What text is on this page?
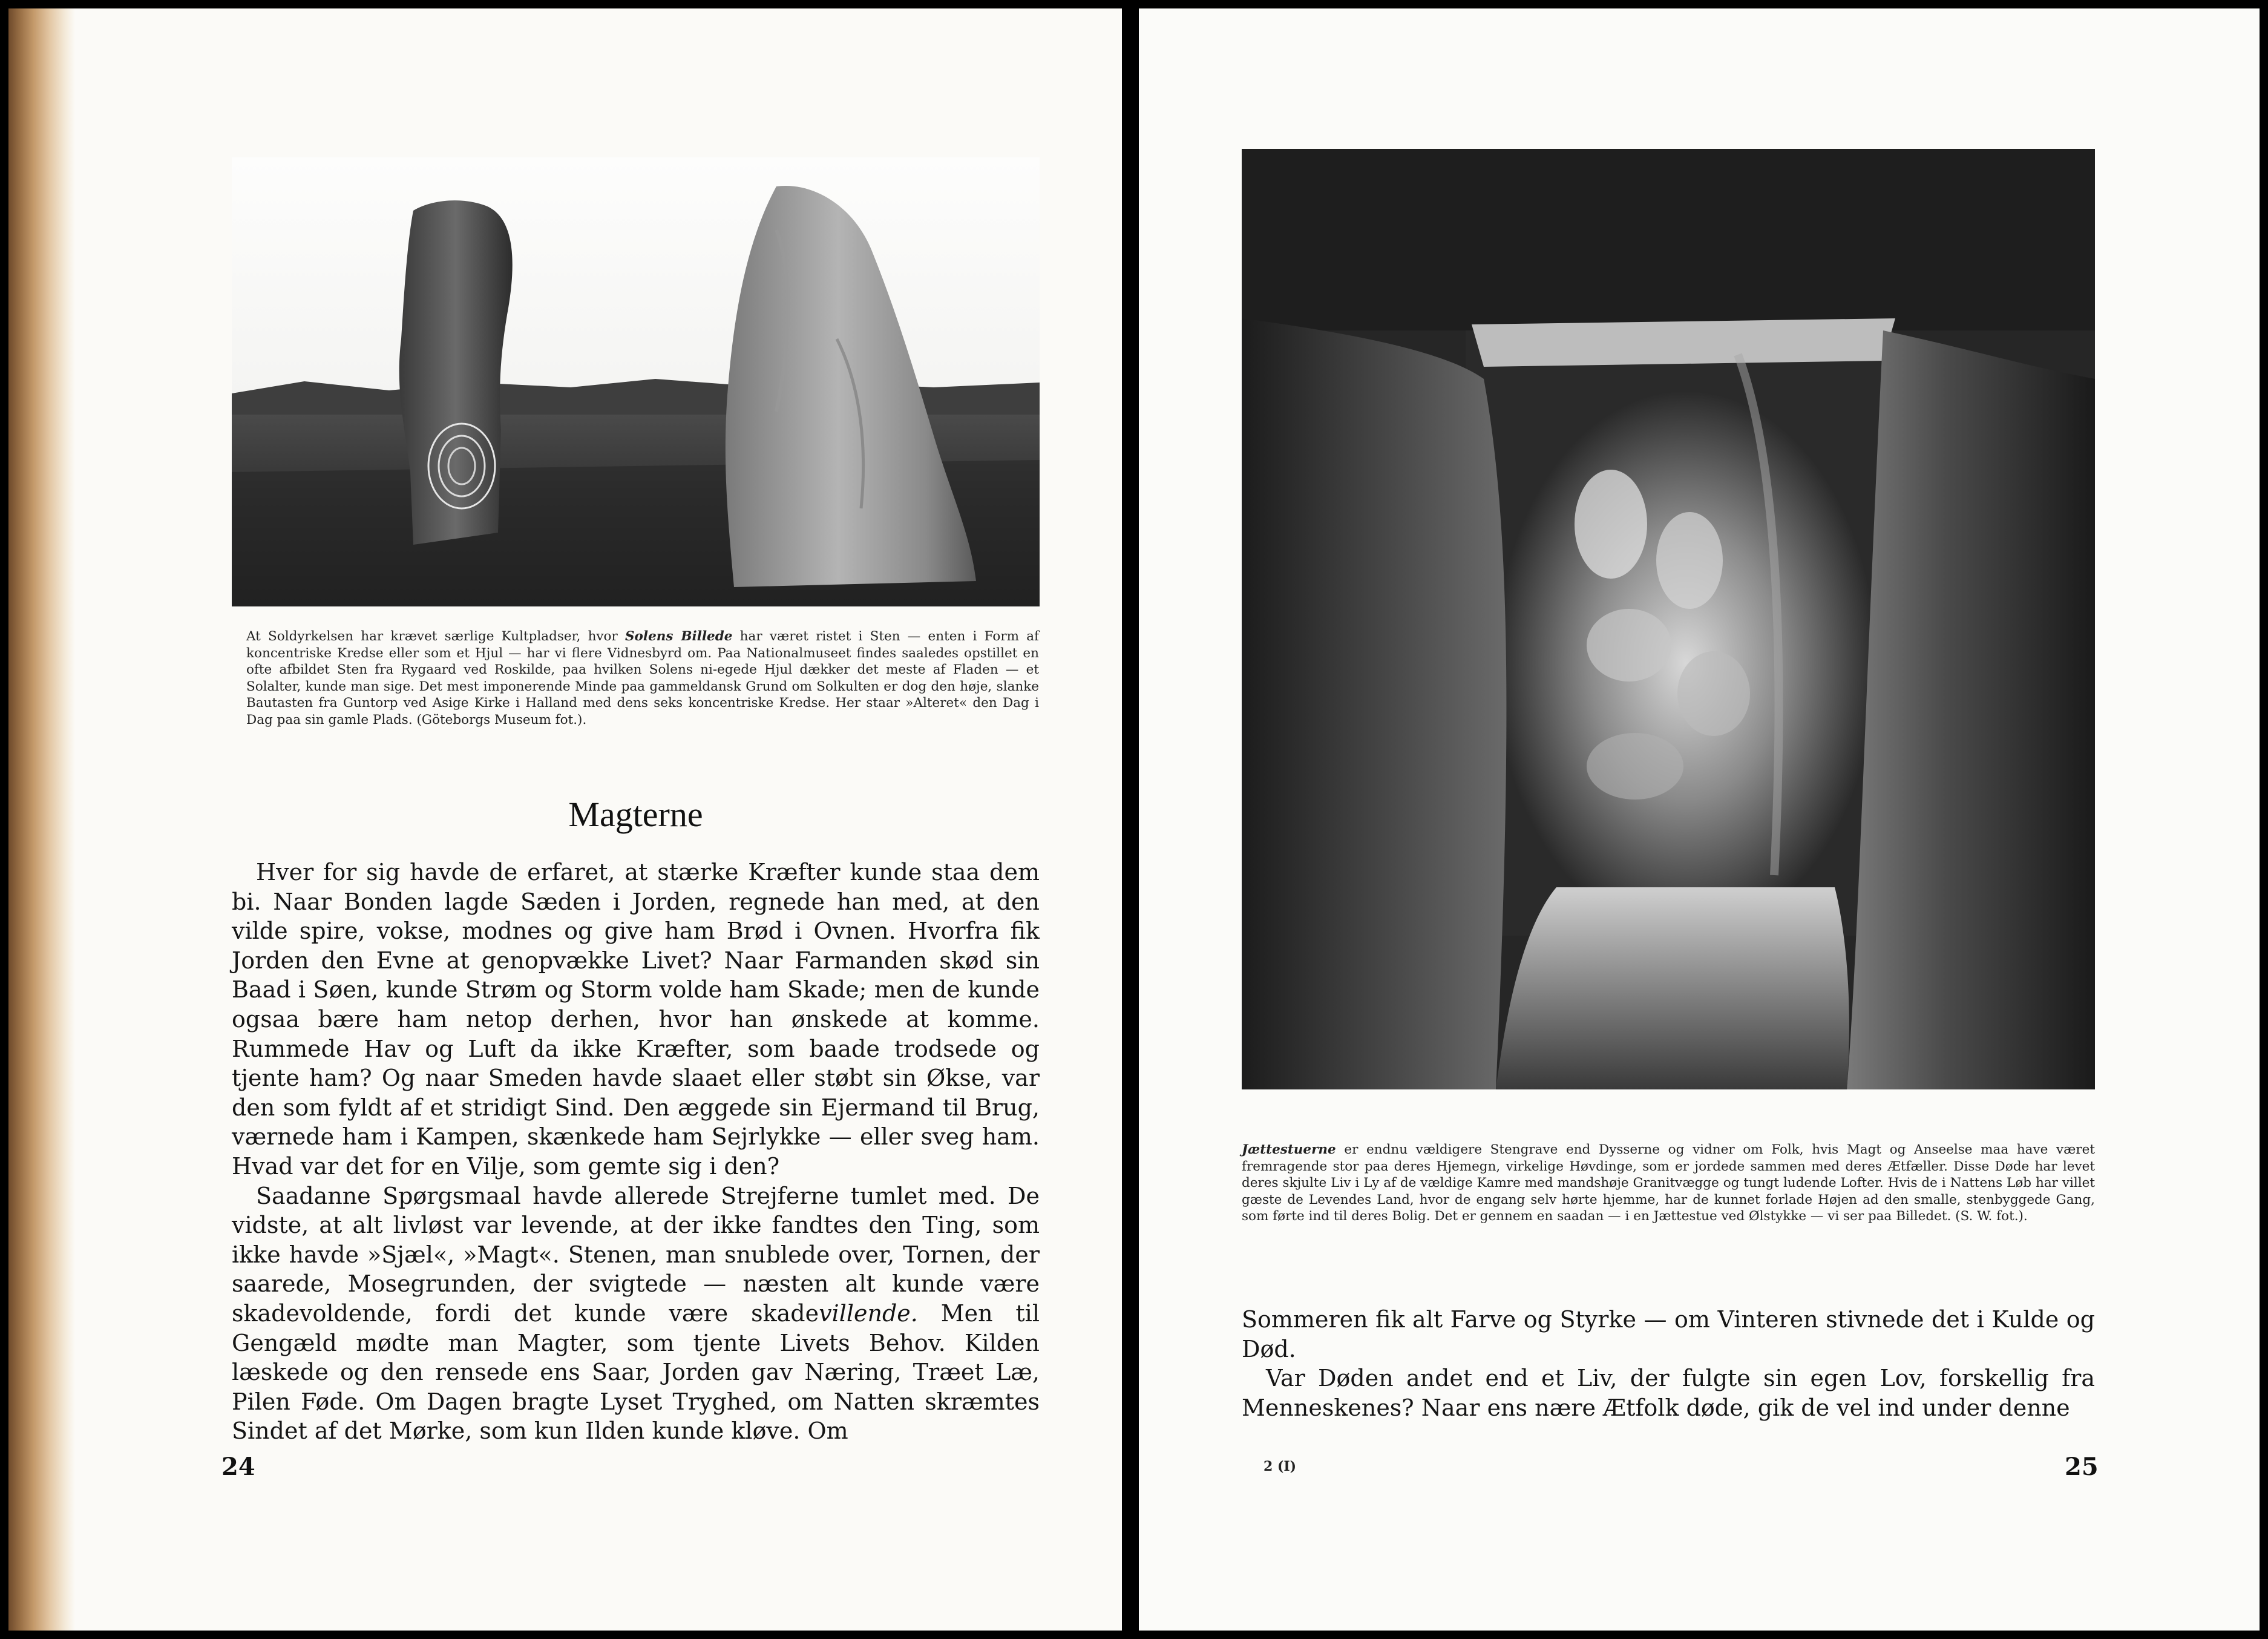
At Soldyrkelsen har krævet særlige Kultpladser, hvor Solens Billede har været ristet i Sten — enten i Form af koncentriske Kredse eller som et Hjul — har vi flere Vidnesbyrd om. Paa Nationalmuseet findes saaledes opstillet en ofte afbildet Sten fra Rygaard ved Roskilde, paa hvilken Solens ni-egede Hjul dækker det meste af Fladen — et Solalter, kunde man sige. Det mest imponerende Minde paa gammeldansk Grund om Solkulten er dog den høje, slanke Bautasten fra Guntorp ved Asige Kirke i Halland med dens seks koncentriske Kredse. Her staar »Alteret« den Dag i Dag paa sin gamle Plads. (Göteborgs Museum fot.).
Magterne

Hver for sig havde de erfaret, at stærke Kræfter kunde staa dem bi. Naar Bonden lagde Sæden i Jorden, regnede han med, at den vilde spire, vokse, modnes og give ham Brød i Ovnen. Hvorfra fik Jorden den Evne at genopvække Livet? Naar Farmanden skød sin Baad i Søen, kunde Strøm og Storm volde ham Skade; men de kunde ogsaa bære ham netop derhen, hvor han ønskede at komme. Rummede Hav og Luft da ikke Kræfter, som baade trodsede og tjente ham? Og naar Smeden havde slaaet eller støbt sin Økse, var den som fyldt af et stridigt Sind. Den æggede sin Ejermand til Brug, værnede ham i Kampen, skænkede ham Sejrlykke — eller sveg ham. Hvad var det for en Vilje, som gemte sig i den?

Saadanne Spørgsmaal havde allerede Strejferne tumlet med. De vidste, at alt livløst var levende, at der ikke fandtes den Ting, som ikke havde »Sjæl«, »Magt«. Stenen, man snublede over, Tornen, der saarede, Mosegrunden, der svigtede — næsten alt kunde være skadevoldende, fordi det kunde være skadevillende. Men til Gengæld mødte man Magter, som tjente Livets Behov. Kilden læskede og den rensede ens Saar, Jorden gav Næring, Træet Læ, Pilen Føde. Om Dagen bragte Lyset Tryghed, om Natten skræmtes Sindet af det Mørke, som kun Ilden kunde kløve. Om

24
Jættestuerne er endnu vældigere Stengrave end Dysserne og vidner om Folk, hvis Magt og Anseelse maa have været fremragende stor paa deres Hjemegn, virkelige Høvdinge, som er jordede sammen med deres Ætfæller. Disse Døde har levet deres skjulte Liv i Ly af de vældige Kamre med mandshøje Granitvægge og tungt ludende Lofter. Hvis de i Nattens Løb har villet gæste de Levendes Land, hvor de engang selv hørte hjemme, har de kunnet forlade Højen ad den smalle, stenbyggede Gang, som førte ind til deres Bolig. Det er gennem en saadan — i en Jættestue ved Ølstykke — vi ser paa Billedet. (S. W. fot.).

Sommeren fik alt Farve og Styrke — om Vinteren stivnede det i Kulde og Død.

Var Døden andet end et Liv, der fulgte sin egen Lov, forskellig fra Menneskenes? Naar ens nære Ætfolk døde, gik de vel ind under denne

2 (I)	25
